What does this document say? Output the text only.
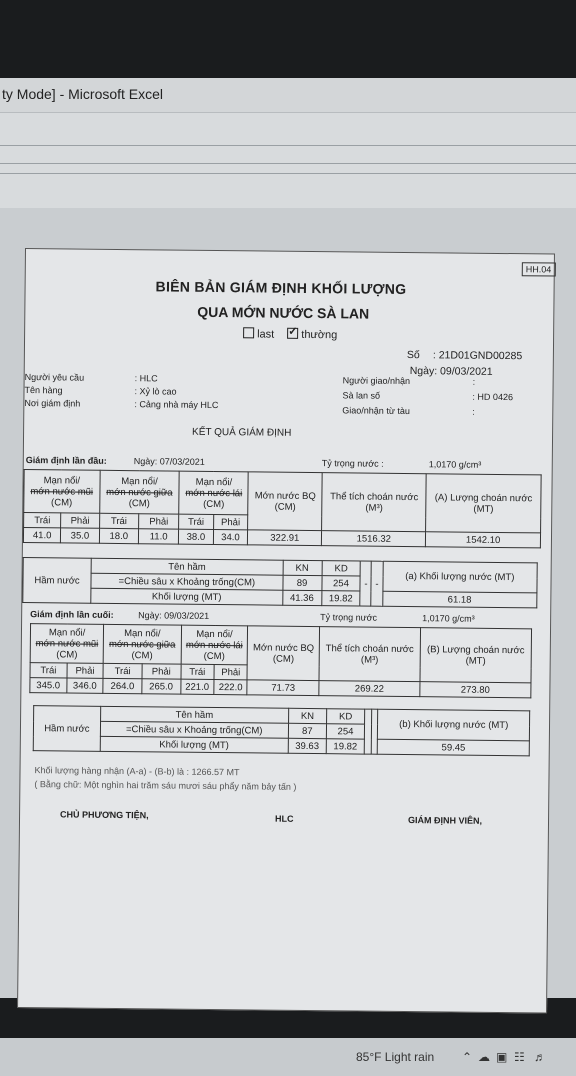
ty Mode] - Microsoft Excel
HH.04
BIÊN BẢN GIÁM ĐỊNH KHỐI LƯỢNG
QUA MỚN NƯỚC SÀ LAN
last ✓ thường
Số : 21D01GND00285
Ngày: 09/03/2021
Người yêu cầu	: HLC
Tên hàng	: Xỷ lò cao
Nơi giám định	: Cảng nhà máy HLC
Người giao/nhận	:
Sà lan số	: HD 0426
Giao/nhận từ tàu	:
KẾT QUẢ GIÁM ĐỊNH
Giám định lần đầu:	Ngày: 07/03/2021	Tỷ trọng nước :	1,0170 g/cm³
Mạn nổi/
mớn nước mũi
(CM)		Mạn nổi/
mớn nước giữa
(CM)		Mạn nổi/
mớn nước lái
(CM)		Mớn nước BQ
(CM)	Thể tích choán nước
(M³)	(A) Lượng choán nước
(MT)
Trái	Phải	Trái	Phải	Trái	Phải			
41.0	35.0	18.0	11.0	38.0	34.0	322.91	1516.32	1542.10
Hầm nước	Tên hầm	KN	KD	-	-	(a) Khối lượng nước (MT)
	=Chiều sâu x Khoảng trống(CM)	89	254			
	Khối lượng (MT)	41.36	19.82			61.18
Giám định lần cuối:	Ngày: 09/03/2021	Tỷ trọng nước	1,0170 g/cm³
Mạn nổi/
mớn nước mũi
(CM)		Mạn nổi/
mớn nước giữa
(CM)		Mạn nổi/
mớn nước lái
(CM)		Mớn nước BQ
(CM)	Thể tích choán nước
(M³)	(B) Lượng choán nước
(MT)
Trái	Phải	Trái	Phải	Trái	Phải			
345.0	346.0	264.0	265.0	221.0	222.0	71.73	269.22	273.80
Hầm nước	Tên hầm	KN	KD			(b) Khối lượng nước (MT)
	=Chiều sâu x Khoảng trống(CM)	87	254			
	Khối lượng (MT)	39.63	19.82			59.45
Khối lượng hàng nhận (A-a) - (B-b) là : 1266.57 MT
( Bằng chữ: Một nghìn hai trăm sáu mươi sáu phẩy năm bảy tấn )
CHỦ PHƯƠNG TIỆN,	HLC	GIÁM ĐỊNH VIÊN,
85°F Light rain ⌃ ☁ ▣ ☷ ♬
